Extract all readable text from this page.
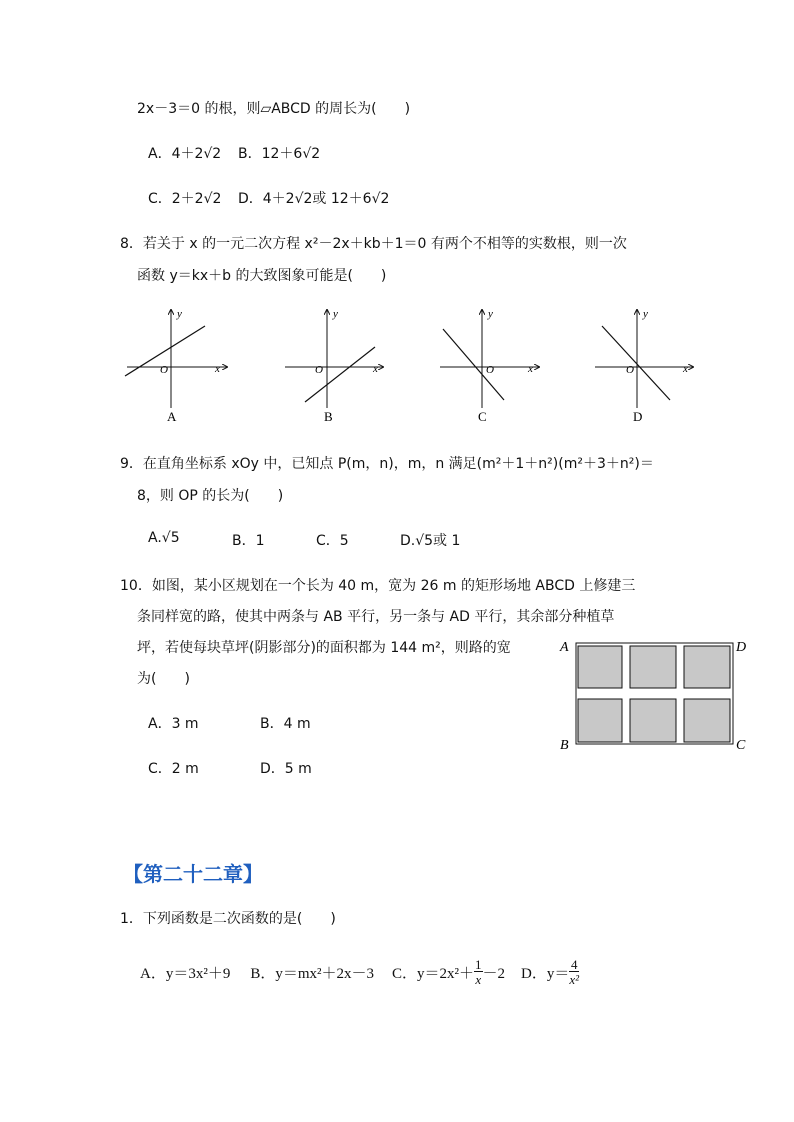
2x－3＝0 的根，则▱ABCD 的周长为(　　)
A．4＋2√2 B．12＋6√2
C．2＋2√2 D．4＋2√2或 12＋6√2
8．若关于 x 的一元二次方程 x²－2x＋kb＋1＝0 有两个不相等的实数根，则一次
函数 y＝kx＋b 的大致图象可能是(　　)
y
x
O
A
y
x
O
B
y
x
O
C
y
x
O
D
9．在直角坐标系 xOy 中，已知点 P(m，n)，m，n 满足(m²＋1＋n²)(m²＋3＋n²)＝
8，则 OP 的长为(　　)
A.√5	B．1	C．5	D.√5或 1
10．如图，某小区规划在一个长为 40 m，宽为 26 m 的矩形场地 ABCD 上修建三
条同样宽的路，使其中两条与 AB 平行，另一条与 AD 平行，其余部分种植草
坪，若使每块草坪(阴影部分)的面积都为 144 m²，则路的宽
为(　　)
A．3 m	B．4 m
C．2 m	D．5 m
A	D
B	C
【第二十二章】
1．下列函数是二次函数的是(　　)
A．y＝3x²＋9 B．y＝mx²＋2x－3 C．$y=2x^2+ \frac{1}{x} -2$ D．$y= \frac{4}{\text{x²}}$
